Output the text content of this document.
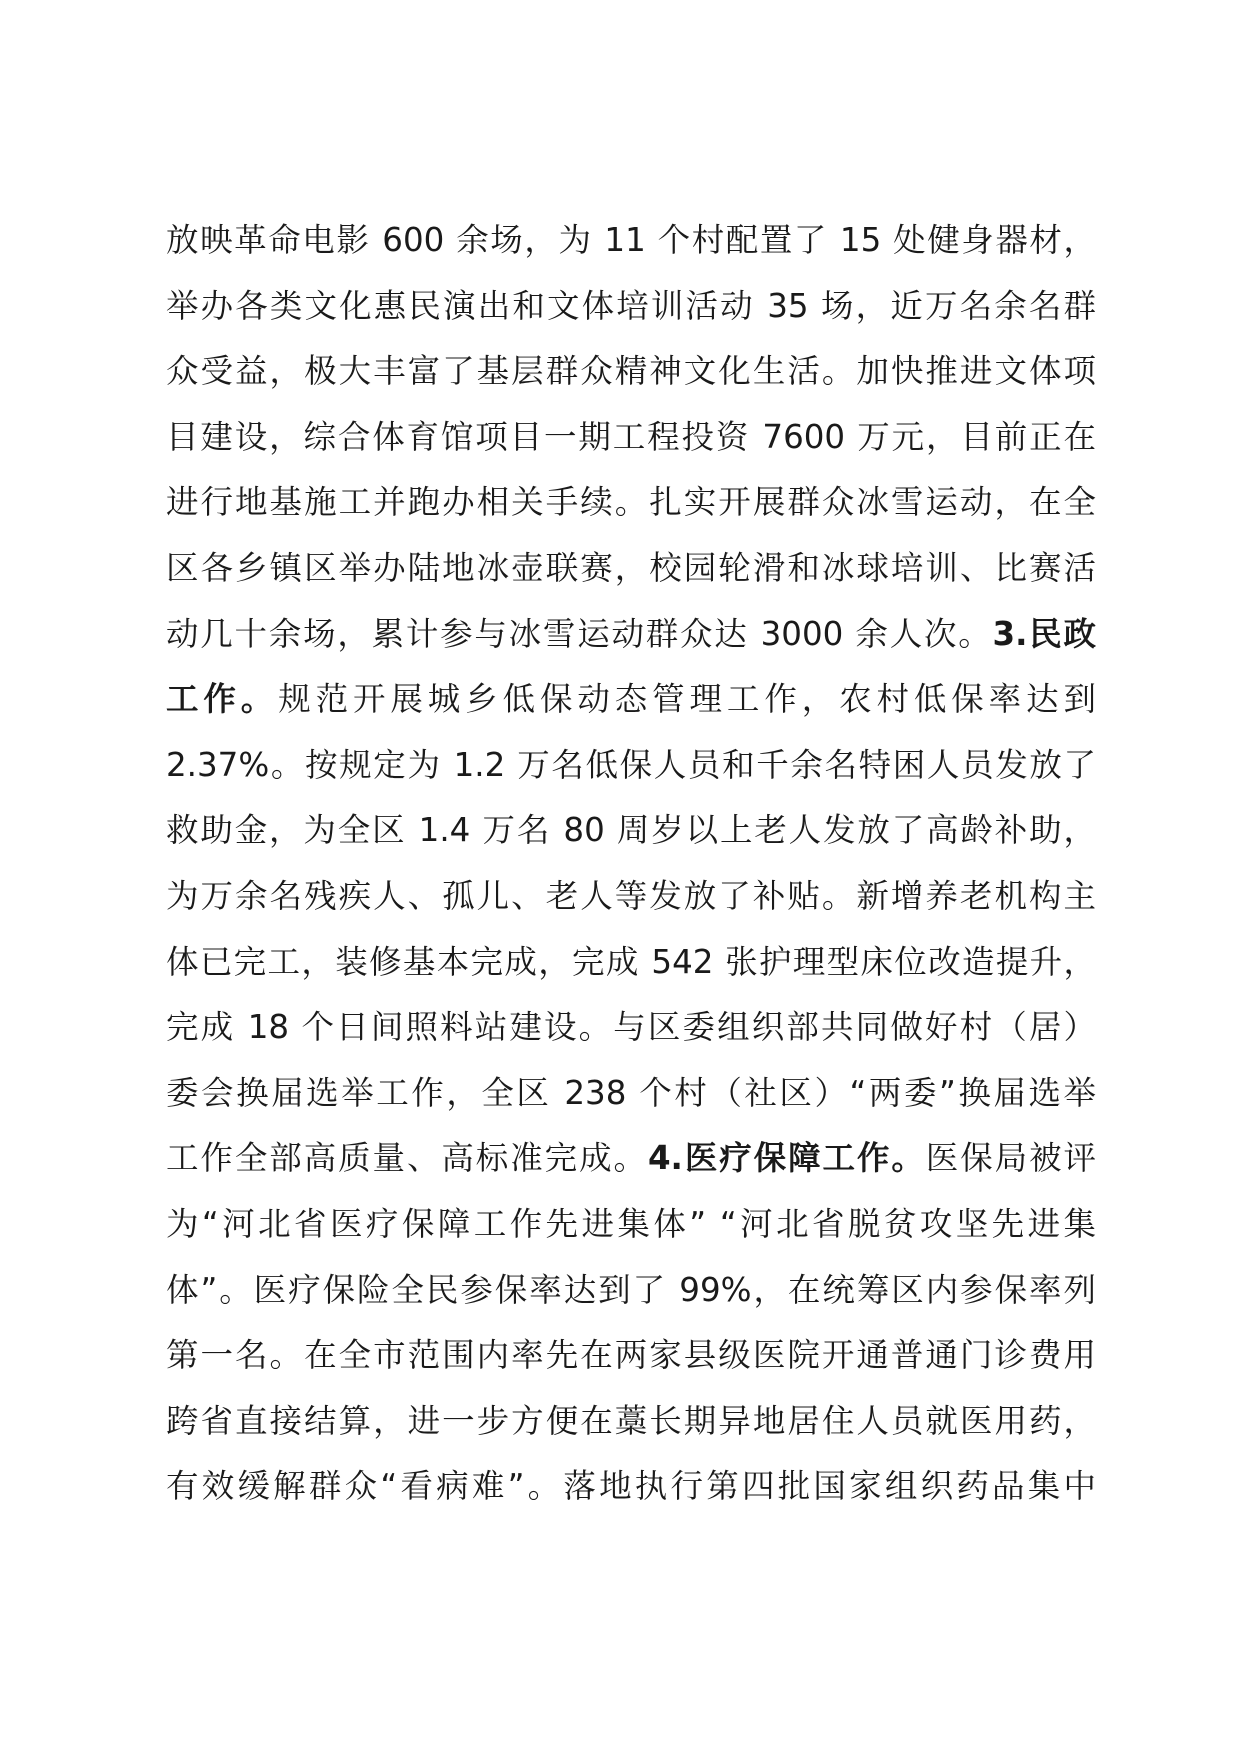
放映革命电影 600 余场，为 11 个村配置了 15 处健身器材，
举办各类文化惠民演出和文体培训活动 35 场，近万名余名群
众受益，极大丰富了基层群众精神文化生活。加快推进文体项
目建设，综合体育馆项目一期工程投资 7600 万元，目前正在
进行地基施工并跑办相关手续。扎实开展群众冰雪运动，在全
区各乡镇区举办陆地冰壶联赛，校园轮滑和冰球培训、比赛活
动几十余场，累计参与冰雪运动群众达 3000 余人次。3.民政
工作。规范开展城乡低保动态管理工作，农村低保率达到
2.37%。按规定为 1.2 万名低保人员和千余名特困人员发放了
救助金，为全区 1.4 万名 80 周岁以上老人发放了高龄补助，
为万余名残疾人、孤儿、老人等发放了补贴。新增养老机构主
体已完工，装修基本完成，完成 542 张护理型床位改造提升，
完成 18 个日间照料站建设。与区委组织部共同做好村（居）
委会换届选举工作，全区 238 个村（社区）“两委”换届选举
工作全部高质量、高标准完成。4.医疗保障工作。医保局被评
为“河北省医疗保障工作先进集体” “河北省脱贫攻坚先进集
体”。医疗保险全民参保率达到了 99%，在统筹区内参保率列
第一名。在全市范围内率先在两家县级医院开通普通门诊费用
跨省直接结算，进一步方便在藁长期异地居住人员就医用药，
有效缓解群众“看病难”。落地执行第四批国家组织药品集中
